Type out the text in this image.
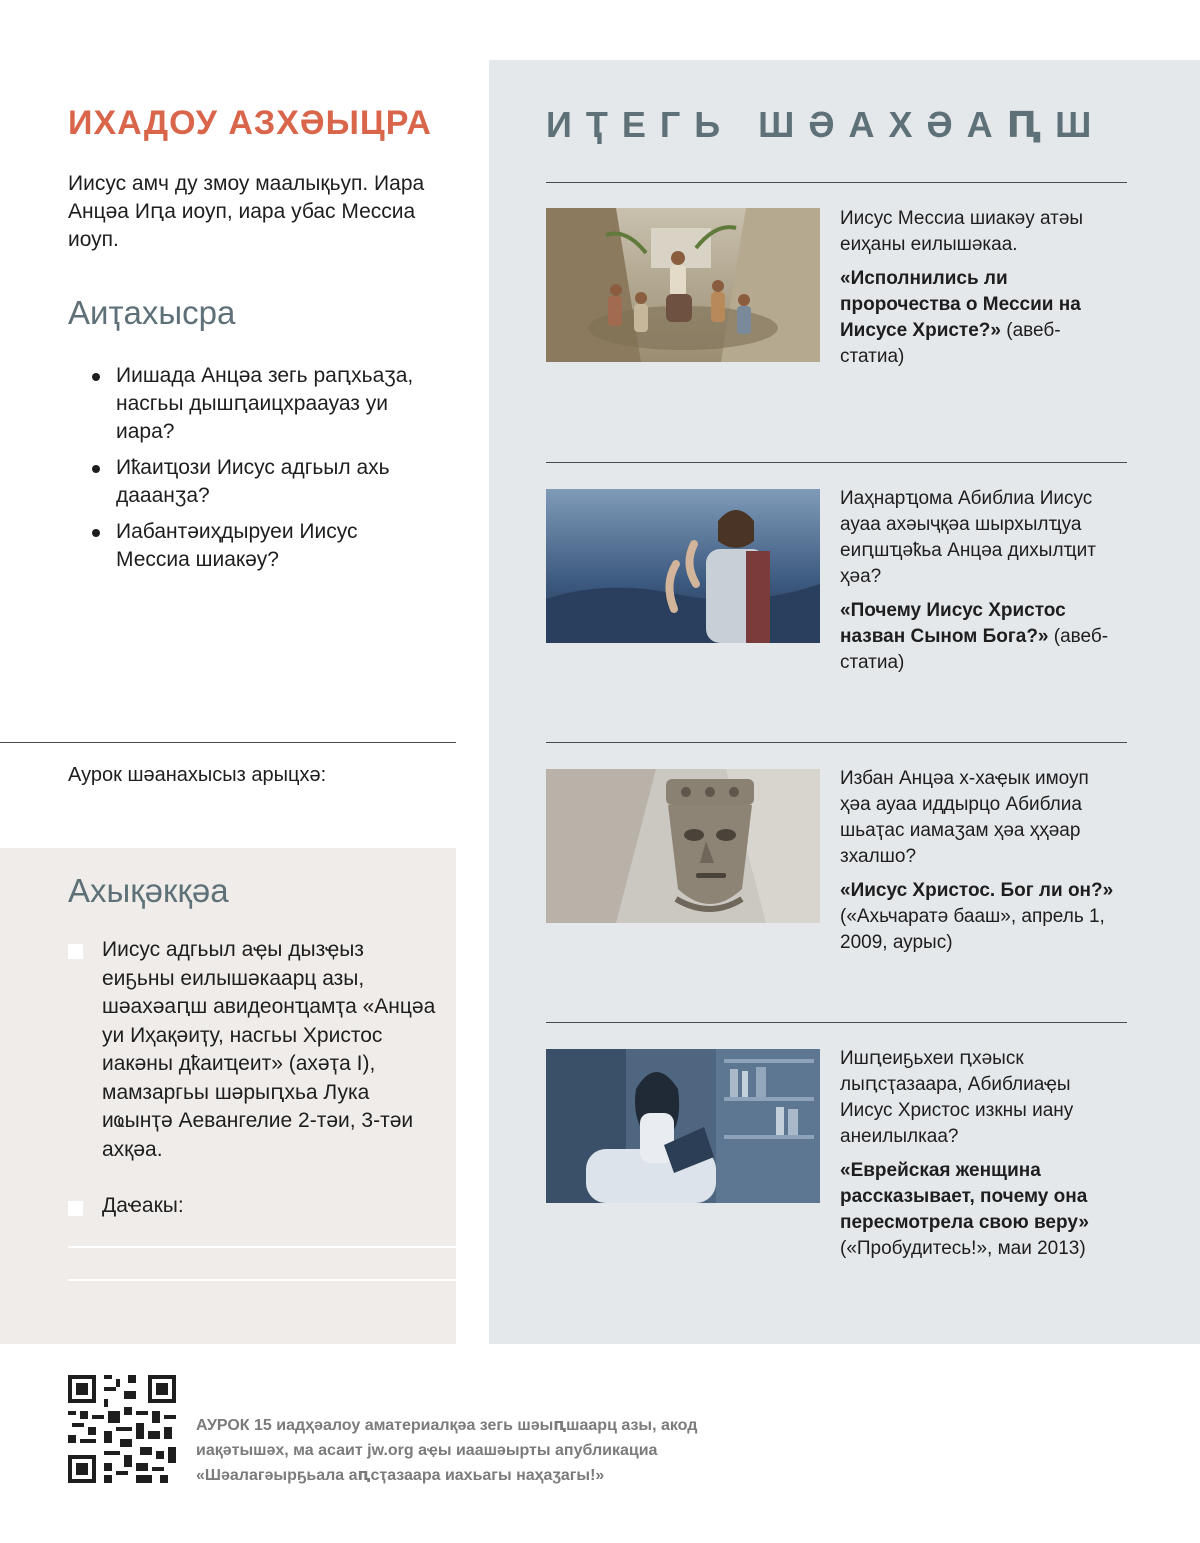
ИХАДОУ АЗХӘЫЦРА

Иисус амч ду змоу маалықьуп. Иара Анцәа Иԥа иоуп, иара убас Мессиа иоуп.

Аиҭахысра
Иишада Анцәа зегь раԥхьаӡа, насгьы дышԥаицхраауаз уи иара?
Иҟаиҵози Иисус адгьыл ахь дааанӡа?
Иабантәиҳдыруеи Иисус Мессиа шиакәу?

Аурок шәанахысыз арыцхә:

Ахықәкқәа

Иисус адгьыл аҿы дызҿыз еиҕьны еилышәкаарц азы, шәахәаԥш авидеонҵамҭа «Анцәа уи Иҳақәиҭу, насгьы Христос иакәны дҟаиҵеит» (ахәҭа I), мамзаргьы шәрыԥхьа Лука иҩынҭә Аевангелие 2-тәи, 3-тәи ахқәа.

Даҽакы:

ИҬЕГЬ ШӘАХӘАԤШ

Иисус Мессиа шиакәу атәы еиҳаны еилышәкаа.

«Исполнились ли пророчества о Мессии на Иисусе Христе?» (авеб-статиа)

Иаҳнарҵома Абиблиа Иисус ауаа ахәыҷқәа шырхылҵуа еиԥшҵәҟьа Анцәа дихылҵит ҳәа?

«Почему Иисус Христос назван Сыном Бога?» (авеб-статиа)

Избан Анцәа х-хаҿык имоуп ҳәа ауаа иддырцо Абиблиа шьаҭас иамаӡам ҳәа ҳҳәар зхалшо?

«Иисус Христос. Бог ли он?» («Ахьчаратә бааш», апрель 1, 2009, аурыс)

Ишԥеиҕьхеи ԥхәыск лыԥсҭазаара, Абиблиаҿы Иисус Христос изкны иану анеилылкаа?

«Еврейская женщина рассказывает, почему она пересмотрела свою веру» («Пробудитесь!», маи 2013)

АУРОК 15 иадҳәалоу аматериалқәа зегь шәыԥшаарц азы, акод иақәтышәх, ма асаит jw.org аҿы иаашәырты апубликациа «Шәалагәырҕьала аԥсҭазаара иахьагы наҳаӡагы!»
